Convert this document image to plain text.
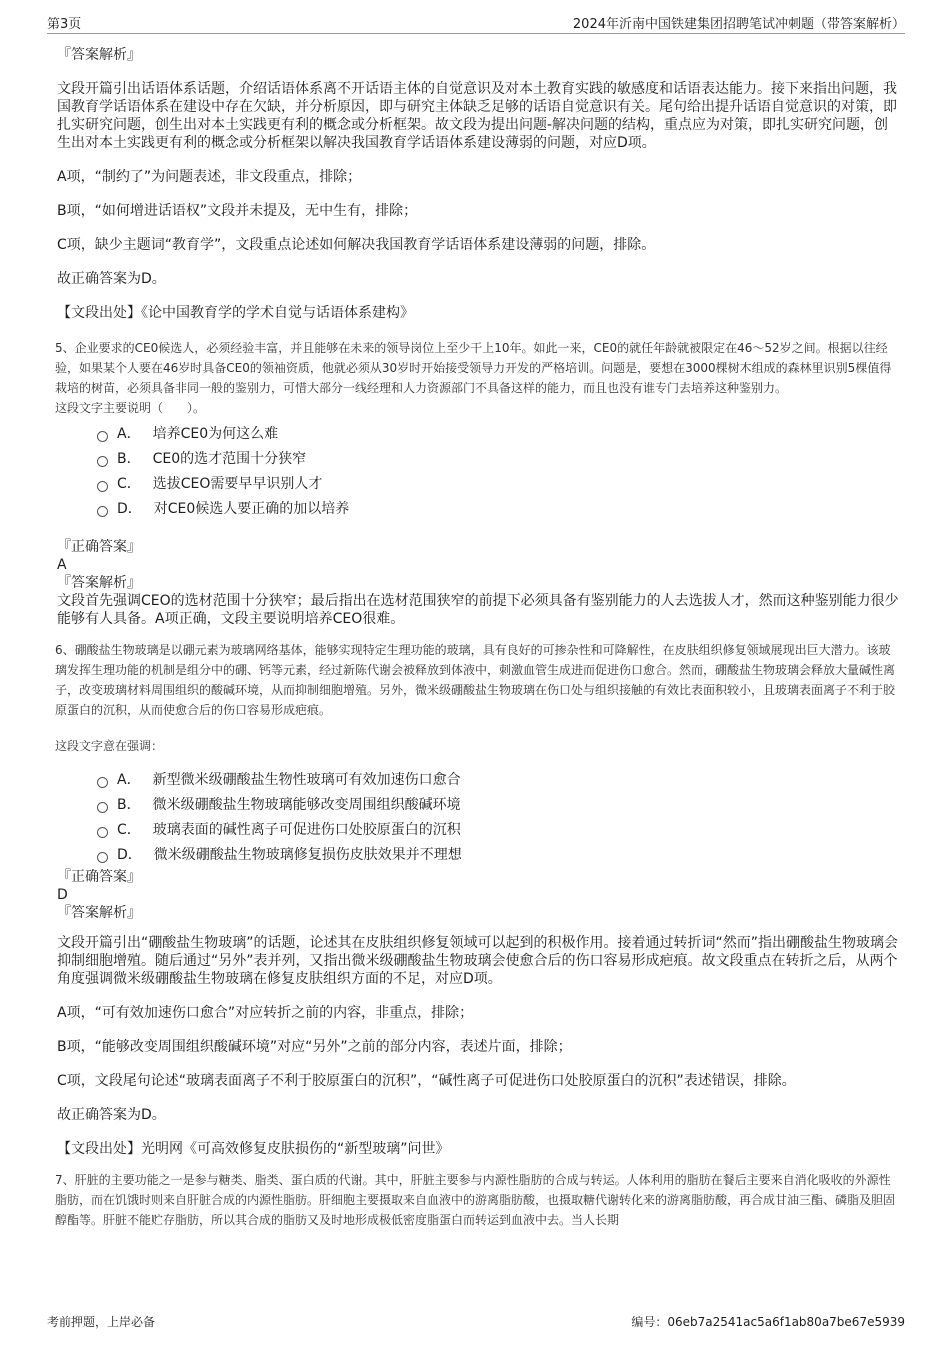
第3页	2024年沂南中国铁建集团招聘笔试冲刺题（带答案解析）

『答案解析』

文段开篇引出话语体系话题，介绍话语体系离不开话语主体的自觉意识及对本土教育实践的敏感度和话语表达能力。接下来指出问题，我国教育学话语体系在建设中存在欠缺，并分析原因，即与研究主体缺乏足够的话语自觉意识有关。尾句给出提升话语自觉意识的对策，即扎实研究问题，创生出对本土实践更有利的概念或分析框架。故文段为提出问题-解决问题的结构，重点应为对策，即扎实研究问题，创生出对本土实践更有利的概念或分析框架以解决我国教育学话语体系建设薄弱的问题，对应D项。

A项，“制约了”为问题表述，非文段重点，排除；

B项，“如何增进话语权”文段并未提及，无中生有，排除；

C项，缺少主题词“教育学”，文段重点论述如何解决我国教育学话语体系建设薄弱的问题，排除。

故正确答案为D。

【文段出处】《论中国教育学的学术自觉与话语体系建构》

5、企业要求的CE0候选人，必须经验丰富，并且能够在未来的领导岗位上至少干上10年。如此一来，CE0的就任年龄就被限定在46～52岁之间。根据以往经验，如果某个人要在46岁时具备CE0的领袖资质，他就必须从30岁时开始接受领导力开发的严格培训。问题是，要想在3000棵树木组成的森林里识别5棵值得栽培的树苗，必须具备非同一般的鉴别力，可惜大部分一线经理和人力资源部门不具备这样的能力，而且也没有谁专门去培养这种鉴别力。

这段文字主要说明（　　）。

A． 培养CE0为何这么难
B． CE0的选才范围十分狭窄
C． 选拔CEO需要早早识别人才
D． 对CE0候选人要正确的加以培养

『正确答案』

A

『答案解析』

文段首先强调CEO的选材范围十分狭窄；最后指出在选材范围狭窄的前提下必须具备有鉴别能力的人去选拔人才，然而这种鉴别能力很少能够有人具备。A项正确，文段主要说明培养CEO很难。

6、硼酸盐生物玻璃是以硼元素为玻璃网络基体，能够实现特定生理功能的玻璃，具有良好的可掺杂性和可降解性，在皮肤组织修复领域展现出巨大潜力。该玻璃发挥生理功能的机制是组分中的硼、钙等元素，经过新陈代谢会被释放到体液中，刺激血管生成进而促进伤口愈合。然而，硼酸盐生物玻璃会释放大量碱性离子，改变玻璃材料周围组织的酸碱环境，从而抑制细胞增殖。另外，微米级硼酸盐生物玻璃在伤口处与组织接触的有效比表面积较小，且玻璃表面离子不利于胶原蛋白的沉积，从而使愈合后的伤口容易形成疤痕。

这段文字意在强调：

A． 新型微米级硼酸盐生物性玻璃可有效加速伤口愈合
B． 微米级硼酸盐生物玻璃能够改变周围组织酸碱环境
C． 玻璃表面的碱性离子可促进伤口处胶原蛋白的沉积
D． 微米级硼酸盐生物玻璃修复损伤皮肤效果并不理想

『正确答案』

D

『答案解析』

文段开篇引出“硼酸盐生物玻璃”的话题，论述其在皮肤组织修复领域可以起到的积极作用。接着通过转折词“然而”指出硼酸盐生物玻璃会抑制细胞增殖。随后通过“另外”表并列，又指出微米级硼酸盐生物玻璃会使愈合后的伤口容易形成疤痕。故文段重点在转折之后，从两个角度强调微米级硼酸盐生物玻璃在修复皮肤组织方面的不足，对应D项。

A项，“可有效加速伤口愈合”对应转折之前的内容，非重点，排除；

B项，“能够改变周围组织酸碱环境”对应“另外”之前的部分内容，表述片面，排除；

C项，文段尾句论述“玻璃表面离子不利于胶原蛋白的沉积”，“碱性离子可促进伤口处胶原蛋白的沉积”表述错误，排除。

故正确答案为D。

【文段出处】光明网《可高效修复皮肤损伤的“新型玻璃”问世》

7、肝脏的主要功能之一是参与糖类、脂类、蛋白质的代谢。其中，肝脏主要参与内源性脂肪的合成与转运。人体利用的脂肪在餐后主要来自消化吸收的外源性脂肪，而在饥饿时则来自肝脏合成的内源性脂肪。肝细胞主要摄取来自血液中的游离脂肪酸，也摄取糖代谢转化来的游离脂肪酸，再合成甘油三酯、磷脂及胆固醇酯等。肝脏不能贮存脂肪，所以其合成的脂肪又及时地形成极低密度脂蛋白而转运到血液中去。当人长期

考前押题，上岸必备	编号：06eb7a2541ac5a6f1ab80a7be67e5939
